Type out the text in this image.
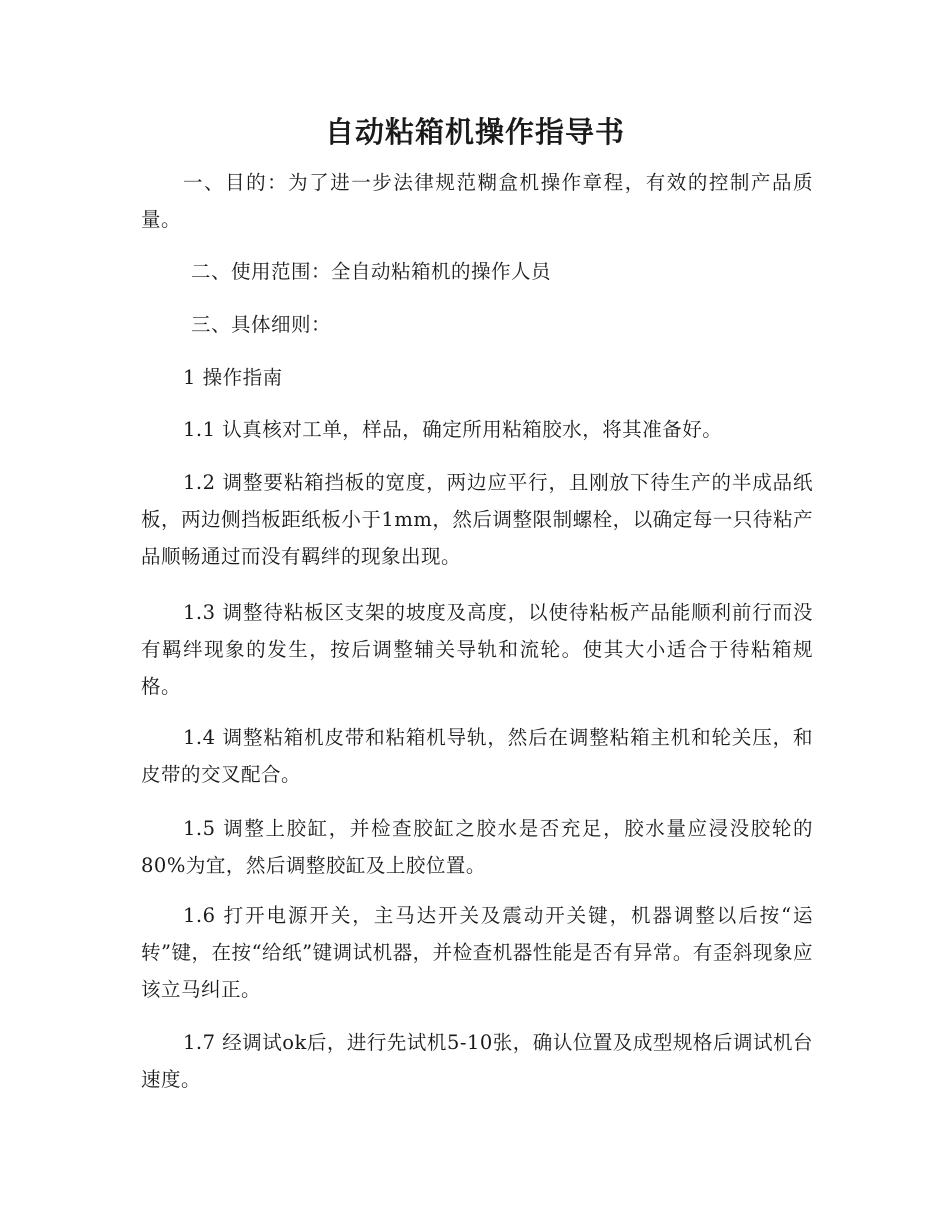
自动粘箱机操作指导书

一、目的：为了进一步法律规范糊盒机操作章程，有效的控制产品质量。

二、使用范围：全自动粘箱机的操作人员

三、具体细则：

1 操作指南

1.1 认真核对工单，样品，确定所用粘箱胶水，将其准备好。

1.2 调整要粘箱挡板的宽度，两边应平行，且刚放下待生产的半成品纸板，两边侧挡板距纸板小于1mm，然后调整限制螺栓，以确定每一只待粘产品顺畅通过而没有羁绊的现象出现。

1.3 调整待粘板区支架的坡度及高度，以使待粘板产品能顺利前行而没有羁绊现象的发生，按后调整辅关导轨和流轮。使其大小适合于待粘箱规格。

1.4 调整粘箱机皮带和粘箱机导轨，然后在调整粘箱主机和轮关压，和皮带的交叉配合。

1.5 调整上胶缸，并检查胶缸之胶水是否充足，胶水量应浸没胶轮的80%为宜，然后调整胶缸及上胶位置。

1.6 打开电源开关，主马达开关及震动开关键，机器调整以后按“运转”键，在按“给纸”键调试机器，并检查机器性能是否有异常。有歪斜现象应该立马纠正。

1.7 经调试ok后，进行先试机5-10张，确认位置及成型规格后调试机台速度。
